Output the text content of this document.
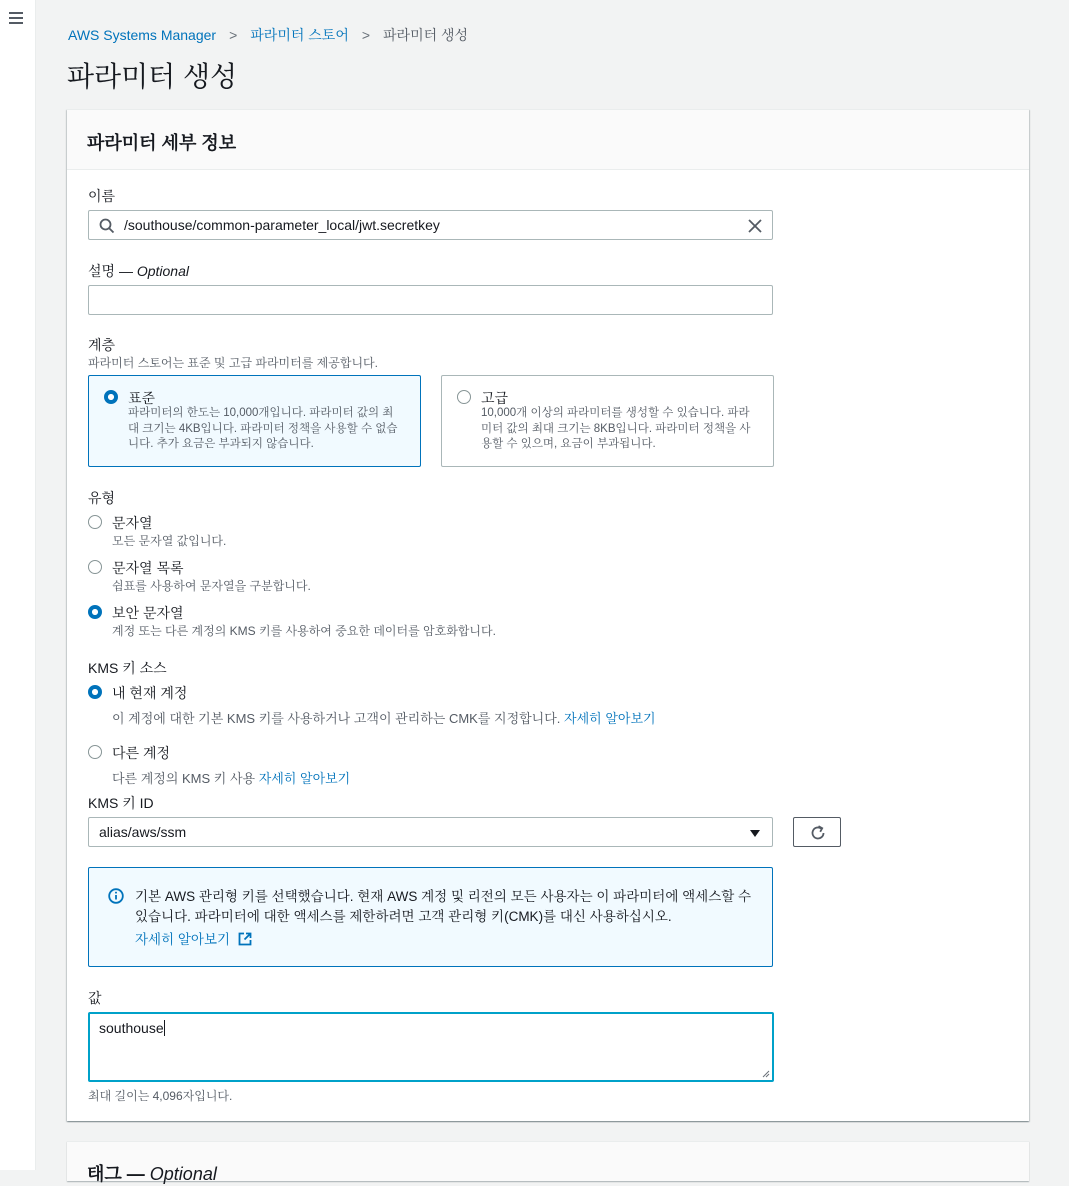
AWS Systems Manager > 파라미터 스토어 > 파라미터 생성
파라미터 생성
파라미터 세부 정보
이름
/southouse/common-parameter_local/jwt.secretkey
설명 — Optional
계층
파라미터 스토어는 표준 및 고급 파라미터를 제공합니다.
표준
파라미터의 한도는 10,000개입니다. 파라미터 값의 최대 크기는 4KB입니다. 파라미터 정책을 사용할 수 없습니다. 추가 요금은 부과되지 않습니다.
고급
10,000개 이상의 파라미터를 생성할 수 있습니다. 파라미터 값의 최대 크기는 8KB입니다. 파라미터 정책을 사용할 수 있으며, 요금이 부과됩니다.
유형
문자열
모든 문자열 값입니다.
문자열 목록
쉼표를 사용하여 문자열을 구분합니다.
보안 문자열
계정 또는 다른 계정의 KMS 키를 사용하여 중요한 데이터를 암호화합니다.
KMS 키 소스
내 현재 계정
이 계정에 대한 기본 KMS 키를 사용하거나 고객이 관리하는 CMK를 지정합니다. 자세히 알아보기
다른 계정
다른 계정의 KMS 키 사용 자세히 알아보기
KMS 키 ID
alias/aws/ssm
기본 AWS 관리형 키를 선택했습니다. 현재 AWS 계정 및 리전의 모든 사용자는 이 파라미터에 액세스할 수 있습니다. 파라미터에 대한 액세스를 제한하려면 고객 관리형 키(CMK)를 대신 사용하십시오.
자세히 알아보기
값
southouse
최대 길이는 4,096자입니다.
태그 — Optional
